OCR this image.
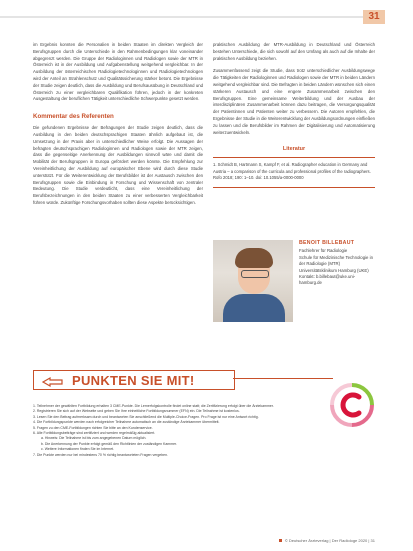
31

im Ergebnis konnten die Personalien in beiden Staaten im direkten Vergleich der Berufsgruppen durch die Unterschiede in den Rahmenbedingungen klar voneinander abgegrenzt werden. Die Gruppe der Radiologinnen und Radiologen sowie der MTR in Österreich ist in der Ausbildung und Aufgabenstellung weitgehend vergleichbar. In der Ausbildung der österreichischen Radiologietechnologinnen und Radiologietechnologen wird der Anteil an Strahlenschutz und Qualitätssicherung stärker betont. Die Ergebnisse der Studie zeigen deutlich, dass die Ausbildung und Berufsausübung in Deutschland und Österreich zu einer vergleichbaren Qualifikation führen, jedoch in der konkreten Ausgestaltung der beruflichen Tätigkeit unterschiedliche Schwerpunkte gesetzt werden.

Kommentar des Referenten

Die gefundenen Ergebnisse der Befragungen der Studie zeigen deutlich, dass die Ausbildung in den beiden deutschsprachigen Staaten ähnlich aufgebaut ist, die Umsetzung in der Praxis aber in unterschiedlicher Weise erfolgt. Die Aussagen der befragten deutschsprachigen Radiologinnen und Radiologen sowie der MTR zeigen, dass die gegenseitige Anerkennung der Ausbildungen sinnvoll wäre und damit die Mobilität der Berufsgruppen in Europa gefördert werden könnte. Die Empfehlung zur Vereinheitlichung der Ausbildung auf europäischer Ebene wird durch diese Studie unterstützt. Für die Weiterentwicklung der Berufsbilder ist der Austausch zwischen den Berufsgruppen sowie die Einbindung in Forschung und Wissenschaft von zentraler Bedeutung. Die Studie verdeutlicht, dass eine Vereinheitlichung der Berufsbezeichnungen in den beiden Staaten zu einer verbesserten Vergleichbarkeit führen würde. Zukünftige Forschungsvorhaben sollten diese Aspekte berücksichtigen.

praktischen Ausbildung der MTR-Ausbildung in Deutschland und Österreich bestehen Unterschiede, die sich sowohl auf den Umfang als auch auf die Inhalte der praktischen Ausbildung beziehen.

Zusammenfassend zeigt die Studie, dass trotz unterschiedlicher Ausbildungswege die Tätigkeiten der Radiologinnen und Radiologen sowie der MTR in beiden Ländern weitgehend vergleichbar sind. Die Befragten in beiden Ländern wünschen sich einen stärkeren Austausch und eine engere Zusammenarbeit zwischen den Berufsgruppen. Eine gemeinsame Weiterbildung und der Ausbau der interdisziplinären Zusammenarbeit können dazu beitragen, die Versorgungsqualität der Patientinnen und Patienten weiter zu verbessern. Die Autoren empfehlen, die Ergebnisse der Studie in die Weiterentwicklung der Ausbildungsordnungen einfließen zu lassen und die Berufsbilder im Rahmen der Digitalisierung und Automatisierung weiterzuentwickeln.

Literatur
1. Schmidt B, Hartmann S, Kampf F, et al. Radiographer education in Germany and Austria – a comparison of the curricula and professional profiles of the radiographers. Rofo 2018; 190: 1–10. doi: 10.1055/a-0000-0000
BENOIT BILLEBAUT

Fachlehrer für Radiologie

Schule für Medizinische Technologie in

der Radiologie (MTR)

Universitätsklinikum Hamburg (UKE)

Kontakt: b.billebaut@uke.uni-hamburg.de

PUNKTEN SIE MIT!

1. Teilnehmer der gewählten Fortbildung erhalten 3 CME-Punkte. Die Lernerfolgskontrolle findet online statt; die Zertifizierung erfolgt über die Ärztekammer.

2. Registrieren Sie sich auf der Webseite und geben Sie Ihre einheitliche Fortbildungsnummer (EFN) ein. Die Teilnahme ist kostenlos.

3. Lesen Sie den Beitrag aufmerksam durch und beantworten Sie anschließend die Multiple-Choice-Fragen. Pro Frage ist nur eine Antwort richtig.

4. Die Fortbildungspunkte werden nach erfolgreicher Teilnahme automatisch an die zuständige Ärztekammer übermittelt.

5. Fragen zu den CME-Fortbildungen richten Sie bitte an den Kundenservice.

6. Alle Fortbildungsbeiträge sind zertifiziert und werden regelmäßig aktualisiert.

a. Hinweis: Die Teilnahme ist bis zum angegebenen Datum möglich.

b. Die Anerkennung der Punkte erfolgt gemäß den Richtlinien der zuständigen Kammer.

c. Weitere Informationen finden Sie im Internet.

7. Die Punkte werden nur bei mindestens 70 % richtig beantworteten Fragen vergeben.

© Deutscher Ärzteverlag | Der Radiologe 2020 | 31
